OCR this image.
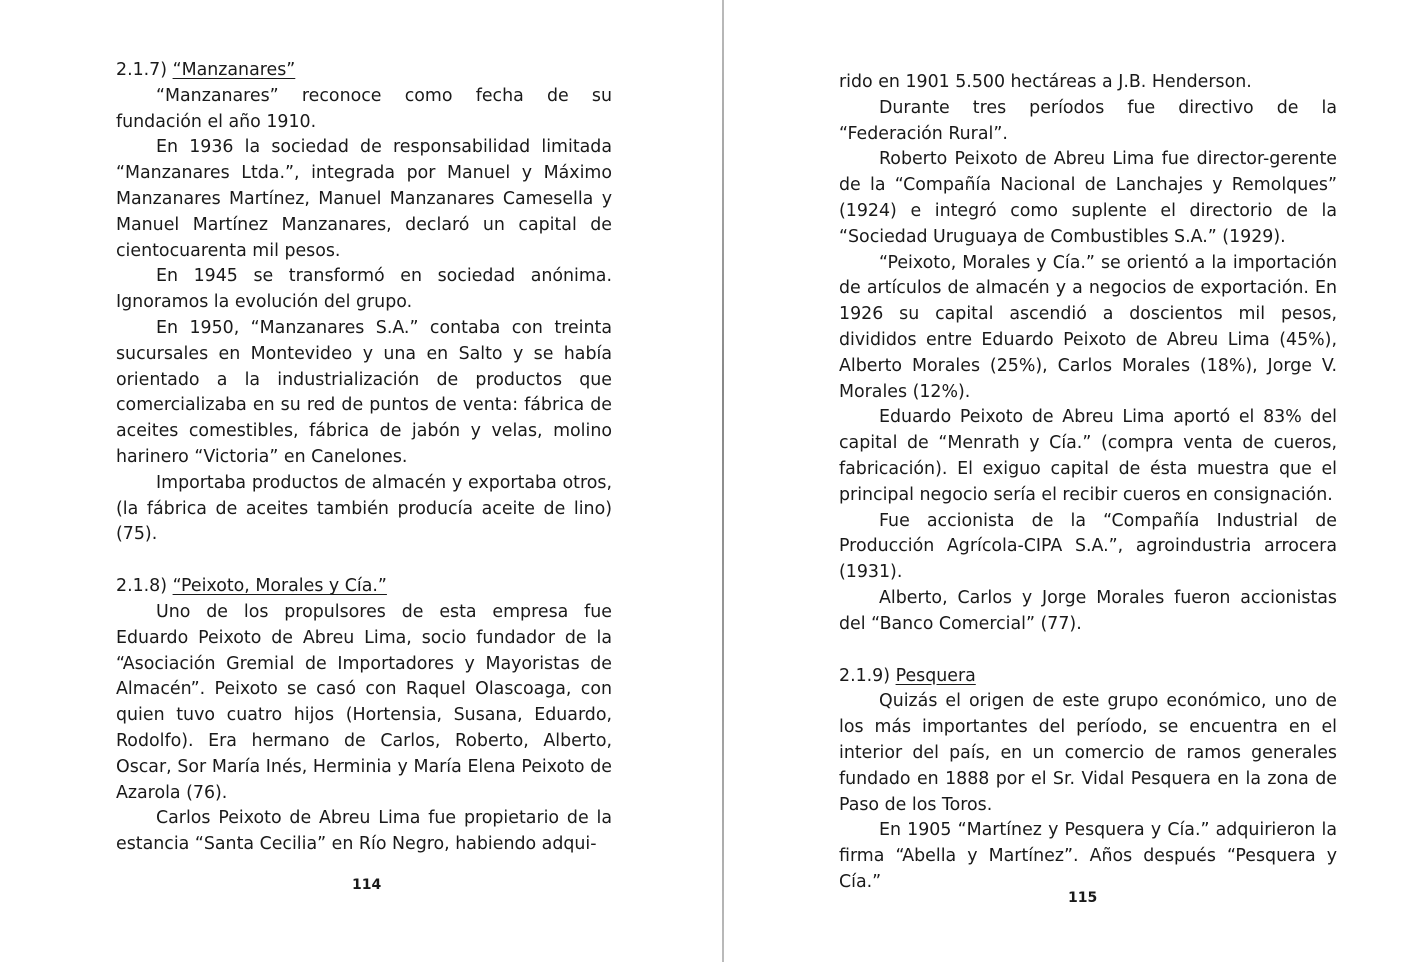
2.1.7) “Manzanares”

“Manzanares” reconoce como fecha de su fundación el año 1910.

En 1936 la sociedad de responsabilidad limitada “Manzanares Ltda.”, integrada por Manuel y Máximo Manzanares Martínez, Manuel Manzanares Camesella y Manuel Martínez Manzanares, declaró un capital de cientocuarenta mil pesos.

En 1945 se transformó en sociedad anónima. Ignoramos la evolución del grupo.

En 1950, “Manzanares S.A.” contaba con treinta sucursales en Montevideo y una en Salto y se había orientado a la industrialización de productos que comercializaba en su red de puntos de venta: fábrica de aceites comestibles, fábrica de jabón y velas, molino harinero “Victoria” en Canelones.

Importaba productos de almacén y exportaba otros, (la fábrica de aceites también producía aceite de lino) (75).

2.1.8) “Peixoto, Morales y Cía.”

Uno de los propulsores de esta empresa fue Eduardo Peixoto de Abreu Lima, socio fundador de la “Asociación Gremial de Importadores y Mayoristas de Almacén”. Peixoto se casó con Raquel Olascoaga, con quien tuvo cuatro hijos (Hortensia, Susana, Eduardo, Rodolfo). Era hermano de Carlos, Roberto, Alberto, Oscar, Sor María Inés, Herminia y María Elena Peixoto de Azarola (76).

Carlos Peixoto de Abreu Lima fue propietario de la estancia “Santa Cecilia” en Río Negro, habiendo adqui-

114

rido en 1901 5.500 hectáreas a J.B. Henderson.

Durante tres períodos fue directivo de la “Federación Rural”.

Roberto Peixoto de Abreu Lima fue director-gerente de la “Compañía Nacional de Lanchajes y Remolques” (1924) e integró como suplente el directorio de la “Sociedad Uruguaya de Combustibles S.A.” (1929).

“Peixoto, Morales y Cía.” se orientó a la importación de artículos de almacén y a negocios de exportación. En 1926 su capital ascendió a doscientos mil pesos, divididos entre Eduardo Peixoto de Abreu Lima (45%), Alberto Morales (25%), Carlos Morales (18%), Jorge V. Morales (12%).

Eduardo Peixoto de Abreu Lima aportó el 83% del capital de “Menrath y Cía.” (compra venta de cueros, fabricación). El exiguo capital de ésta muestra que el principal negocio sería el recibir cueros en consignación.

Fue accionista de la “Compañía Industrial de Producción Agrícola-CIPA S.A.”, agroindustria arrocera (1931).

Alberto, Carlos y Jorge Morales fueron accionistas del “Banco Comercial” (77).

2.1.9) Pesquera

Quizás el origen de este grupo económico, uno de los más importantes del período, se encuentra en el interior del país, en un comercio de ramos generales fundado en 1888 por el Sr. Vidal Pesquera en la zona de Paso de los Toros.

En 1905 “Martínez y Pesquera y Cía.” adquirieron la firma “Abella y Martínez”. Años después “Pesquera y Cía.”

115
